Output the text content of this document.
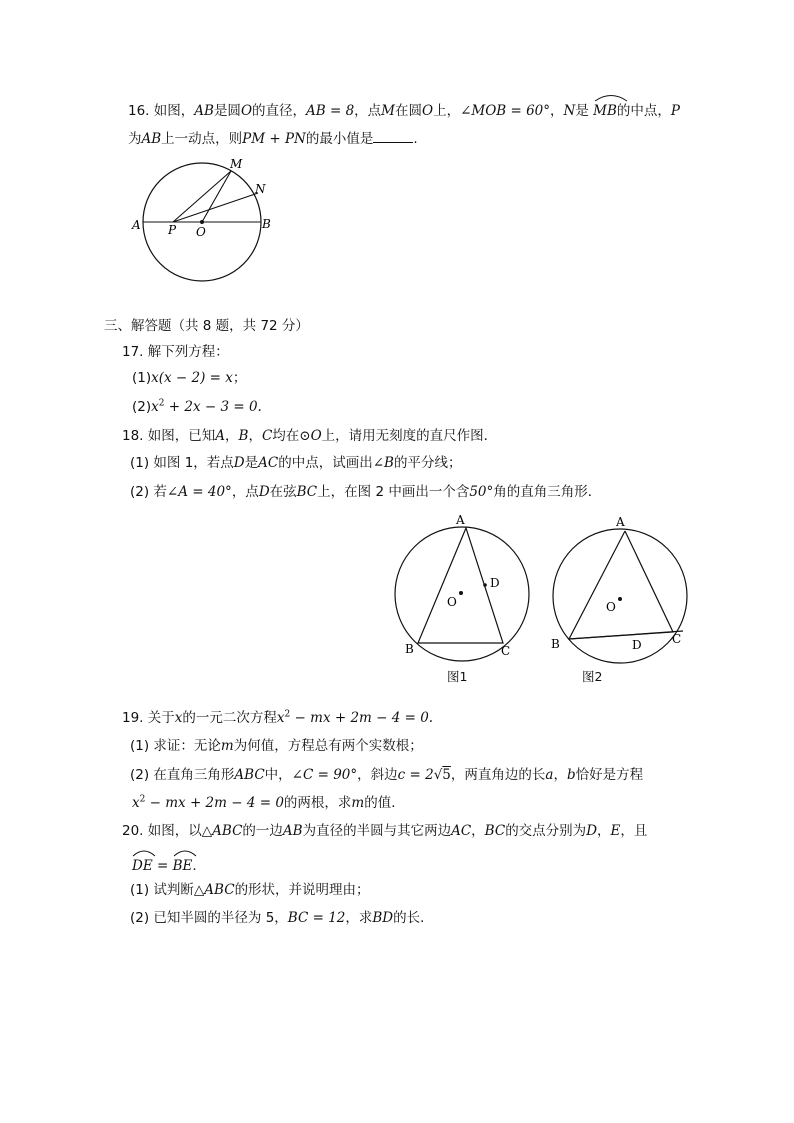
16. 如图，AB是圆O的直径，AB = 8，点M在圆O上，∠MOB = 60°，N是 MB的中点，P
为AB上一动点，则PM + PN的最小值是	.
A	B
M
N
O
P
三、解答题（共 8 题，共 72 分）
17. 解下列方程：
(1)x(x − 2) = x；
$(2)x^2 + 2x - 3 = 0$.
18. 如图，已知A，B，C均在⊙O上，请用无刻度的直尺作图．
(1) 如图 1，若点D是AC的中点，试画出∠B的平分线；
(2) 若∠A = 40°，点D在弦BC上，在图 2 中画出一个含50°角的直角三角形．
A
B	C
D
O
图1
A
B	C
D
O
图2
19. 关于x的一元二次方程$x^2$ − mx + 2m − 4 = 0.
(1) 求证：无论m为何值，方程总有两个实数根；
(2) 在直角三角形ABC中，∠C = 90°，斜边c = 2√5，两直角边的长a，b恰好是方程
$x^2$ − mx + 2m − 4 = 0的两根，求m的值．
20. 如图，以△ABC的一边AB为直径的半圆与其它两边AC，BC的交点分别为D，E，且
DE =
BE.
(1) 试判断△ABC的形状，并说明理由；
(2) 已知半圆的半径为 5，BC = 12，求BD的长．
